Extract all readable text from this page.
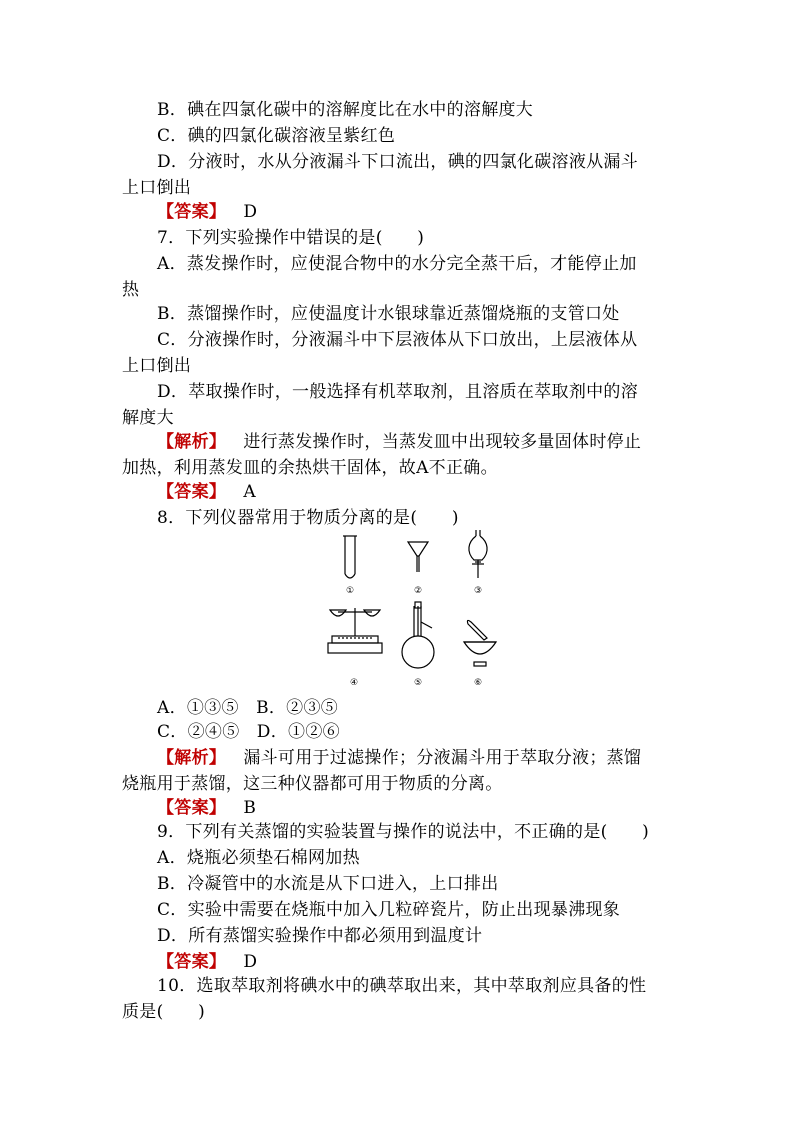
B．碘在四氯化碳中的溶解度比在水中的溶解度大
C．碘的四氯化碳溶液呈紫红色
D．分液时，水从分液漏斗下口流出，碘的四氯化碳溶液从漏斗
上口倒出
【答案】 D
7．下列实验操作中错误的是(　　)
A．蒸发操作时，应使混合物中的水分完全蒸干后，才能停止加
热
B．蒸馏操作时，应使温度计水银球靠近蒸馏烧瓶的支管口处
C．分液操作时，分液漏斗中下层液体从下口放出，上层液体从
上口倒出
D．萃取操作时，一般选择有机萃取剂，且溶质在萃取剂中的溶
解度大
【解析】 进行蒸发操作时，当蒸发皿中出现较多量固体时停止
加热，利用蒸发皿的余热烘干固体，故A不正确。
【答案】 A
8．下列仪器常用于物质分离的是(　　)
①	②	③
④	⑤	⑥
A．①③⑤　B．②③⑤
C．②④⑤　D．①②⑥
【解析】 漏斗可用于过滤操作；分液漏斗用于萃取分液；蒸馏
烧瓶用于蒸馏，这三种仪器都可用于物质的分离。
【答案】 B
9．下列有关蒸馏的实验装置与操作的说法中，不正确的是(　　)
A．烧瓶必须垫石棉网加热
B．冷凝管中的水流是从下口进入，上口排出
C．实验中需要在烧瓶中加入几粒碎瓷片，防止出现暴沸现象
D．所有蒸馏实验操作中都必须用到温度计
【答案】 D
10．选取萃取剂将碘水中的碘萃取出来，其中萃取剂应具备的性
质是(　　)
